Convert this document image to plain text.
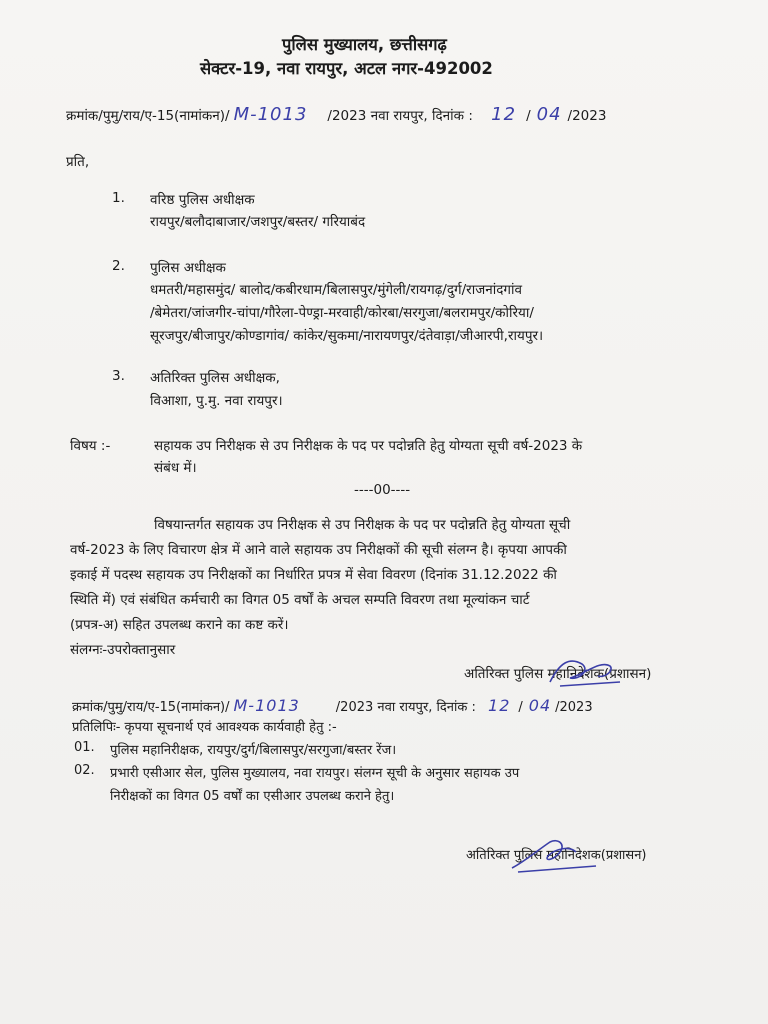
पुलिस मुख्यालय, छत्तीसगढ़
सेक्टर-19, नवा रायपुर, अटल नगर-492002
क्रमांक/पुमु/राय/ए-15(नामांकन)/ M-1013 /2023 नवा रायपुर, दिनांक : 12 / 04 /2023
प्रति,
1. वरिष्ठ पुलिस अधीक्षक
रायपुर/बलौदाबाजार/जशपुर/बस्तर/ गरियाबंद
2. पुलिस अधीक्षक
धमतरी/महासमुंद/ बालोद/कबीरधाम/बिलासपुर/मुंगेली/रायगढ़/दुर्ग/राजनांदगांव
/बेमेतरा/जांजगीर-चांपा/गौरेला-पेण्ड्रा-मरवाही/कोरबा/सरगुजा/बलरामपुर/कोरिया/
सूरजपुर/बीजापुर/कोण्डागांव/ कांकेर/सुकमा/नारायणपुर/दंतेवाड़ा/जीआरपी,रायपुर।
3. अतिरिक्त पुलिस अधीक्षक,
विआशा, पु.मु. नवा रायपुर।
विषय :-	सहायक उप निरीक्षक से उप निरीक्षक के पद पर पदोन्नति हेतु योग्यता सूची वर्ष-2023 के
संबंध में।
----00----
विषयान्तर्गत सहायक उप निरीक्षक से उप निरीक्षक के पद पर पदोन्नति हेतु योग्यता सूची
वर्ष-2023 के लिए विचारण क्षेत्र में आने वाले सहायक उप निरीक्षकों की सूची संलग्न है। कृपया आपकी
इकाई में पदस्थ सहायक उप निरीक्षकों का निर्धारित प्रपत्र में सेवा विवरण (दिनांक 31.12.2022 की
स्थिति में) एवं संबंधित कर्मचारी का विगत 05 वर्षों के अचल सम्पति विवरण तथा मूल्यांकन चार्ट
(प्रपत्र-अ) सहित उपलब्ध कराने का कष्ट करें।
संलग्नः-उपरोक्तानुसार
अतिरिक्त पुलिस महानिदेशक(प्रशासन)
क्रमांक/पुमु/राय/ए-15(नामांकन)/ M-1013	/2023 नवा रायपुर, दिनांक : 12 / 04 /2023
प्रतिलिपिः- कृपया सूचनार्थ एवं आवश्यक कार्यवाही हेतु :-
01. पुलिस महानिरीक्षक, रायपुर/दुर्ग/बिलासपुर/सरगुजा/बस्तर रेंज।
02. प्रभारी एसीआर सेल, पुलिस मुख्यालय, नवा रायपुर। संलग्न सूची के अनुसार सहायक उप
निरीक्षकों का विगत 05 वर्षों का एसीआर उपलब्ध कराने हेतु।
अतिरिक्त पुलिस महानिदेशक(प्रशासन)
